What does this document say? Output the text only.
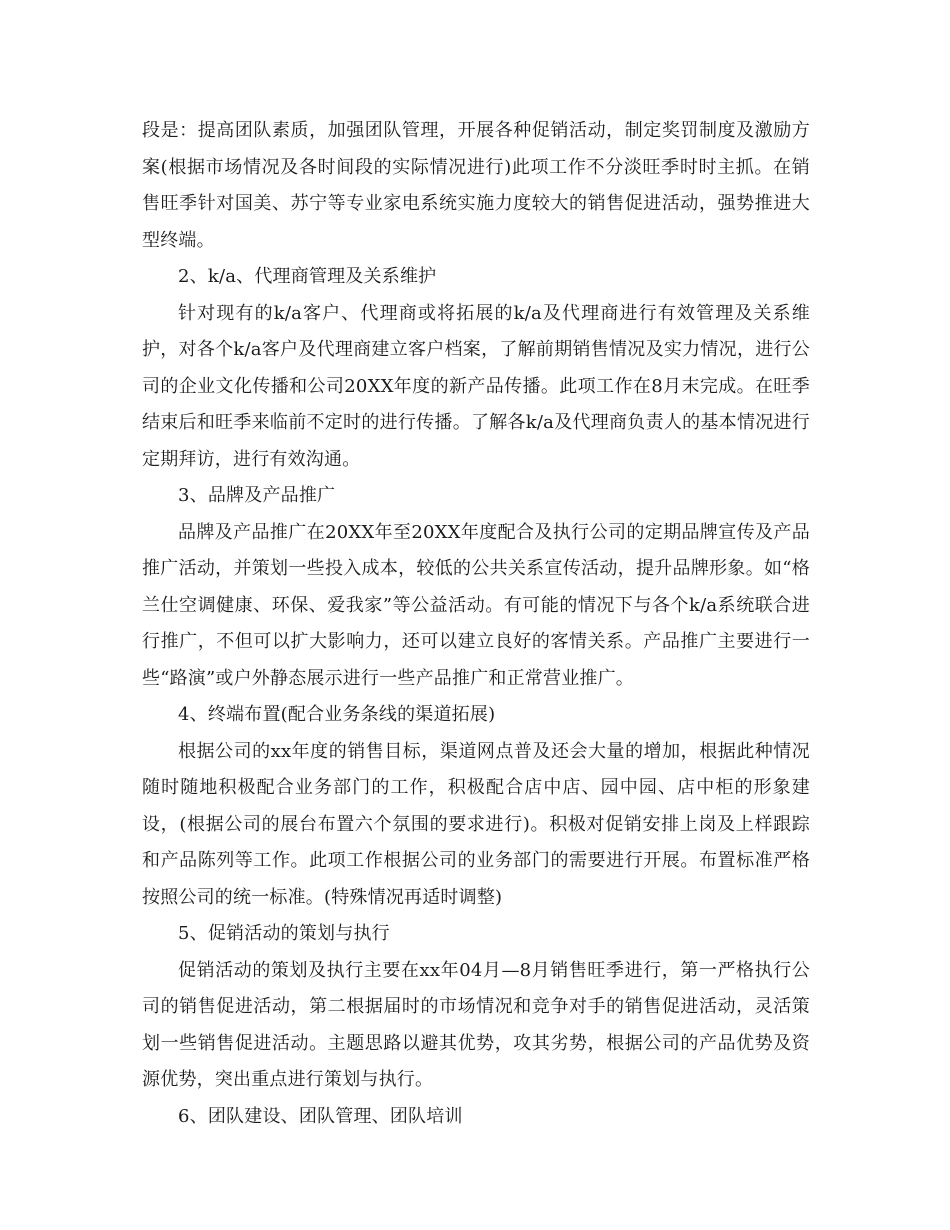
段是：提高团队素质，加强团队管理，开展各种促销活动，制定奖罚制度及激励方案(根据市场情况及各时间段的实际情况进行)此项工作不分淡旺季时时主抓。在销售旺季针对国美、苏宁等专业家电系统实施力度较大的销售促进活动，强势推进大型终端。

2、k/a、代理商管理及关系维护

针对现有的k/a客户、代理商或将拓展的k/a及代理商进行有效管理及关系维护，对各个k/a客户及代理商建立客户档案，了解前期销售情况及实力情况，进行公司的企业文化传播和公司20XX年度的新产品传播。此项工作在8月末完成。在旺季结束后和旺季来临前不定时的进行传播。了解各k/a及代理商负责人的基本情况进行定期拜访，进行有效沟通。

3、品牌及产品推广

品牌及产品推广在20XX年至20XX年度配合及执行公司的定期品牌宣传及产品推广活动，并策划一些投入成本，较低的公共关系宣传活动，提升品牌形象。如“格兰仕空调健康、环保、爱我家”等公益活动。有可能的情况下与各个k/a系统联合进行推广，不但可以扩大影响力，还可以建立良好的客情关系。产品推广主要进行一些“路演”或户外静态展示进行一些产品推广和正常营业推广。

4、终端布置(配合业务条线的渠道拓展)

根据公司的xx年度的销售目标，渠道网点普及还会大量的增加，根据此种情况随时随地积极配合业务部门的工作，积极配合店中店、园中园、店中柜的形象建设，(根据公司的展台布置六个氛围的要求进行)。积极对促销安排上岗及上样跟踪和产品陈列等工作。此项工作根据公司的业务部门的需要进行开展。布置标准严格按照公司的统一标准。(特殊情况再适时调整)

5、促销活动的策划与执行

促销活动的策划及执行主要在xx年04月—8月销售旺季进行，第一严格执行公司的销售促进活动，第二根据届时的市场情况和竞争对手的销售促进活动，灵活策划一些销售促进活动。主题思路以避其优势，攻其劣势，根据公司的产品优势及资源优势，突出重点进行策划与执行。

6、团队建设、团队管理、团队培训
